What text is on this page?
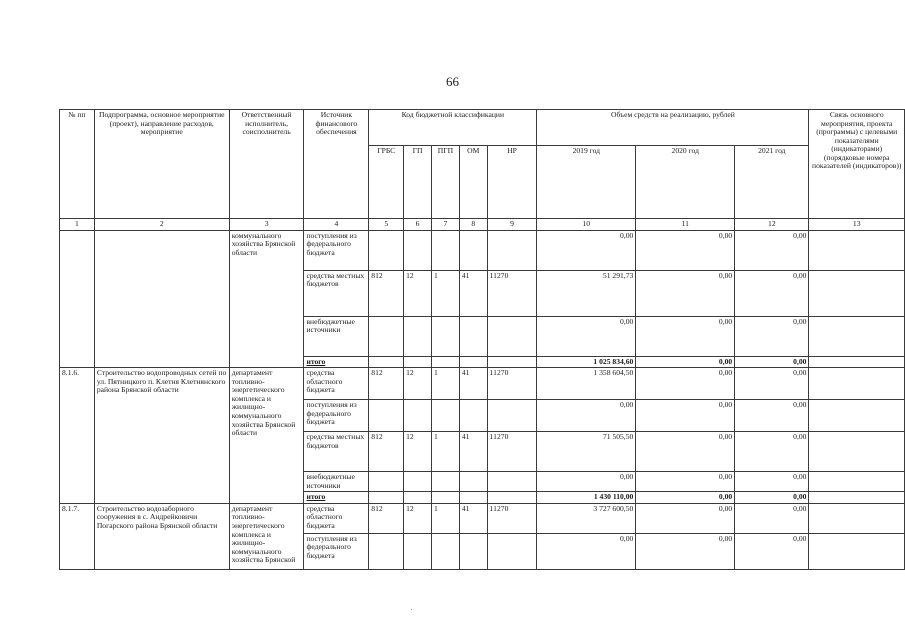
66
№ пп	Подпрограмма, основное мероприятие (проект), направление расходов, мероприятие	Ответственный исполнитель, соисполнитель	Источник финансового обеспечения	Код бюджетной классификации					Объем средств на реализацию, рублей			Связь основного мероприятия, проекта (программы) с целевыми показателями (индикаторами) (порядковые номера показателей (индикаторов))
				ГРБС	ГП	ПГП	ОМ	НР	2019 год	2020 год	2021 год	
1	2	3	4	5	6	7	8	9	10	11	12	13
		коммунального хозяйства Брянской области	поступления из федерального бюджета						0,00	0,00	0,00	
			средства местных бюджетов	812	12	1	41	11270	51 291,73	0,00	0,00	
			внебюджетные источники						0,00	0,00	0,00	
			итого						1 025 834,60	0,00	0,00	
8.1.6.	Строительство водопроводных сетей по ул. Пятницкого п. Клетня Клетнянского района Брянской области	департамент топливно-энергетического комплекса и жилищно-коммунального хозяйства Брянской области	средства областного бюджета	812	12	1	41	11270	1 358 604,50	0,00	0,00	
			поступления из федерального бюджета						0,00	0,00	0,00	
			средства местных бюджетов	812	12	1	41	11270	71 505,50	0,00	0,00	
			внебюджетные источники						0,00	0,00	0,00	
			итого						1 430 110,00	0,00	0,00	
8.1.7.	Строительство водозаборного сооружения в с. Андрейковичи Погарского района Брянской области	департамент топливно-энергетического комплекса и жилищно-коммунального хозяйства Брянской	средства областного бюджета	812	12	1	41	11270	3 727 600,50	0,00	0,00	
			поступления из федерального бюджета						0,00	0,00	0,00	
